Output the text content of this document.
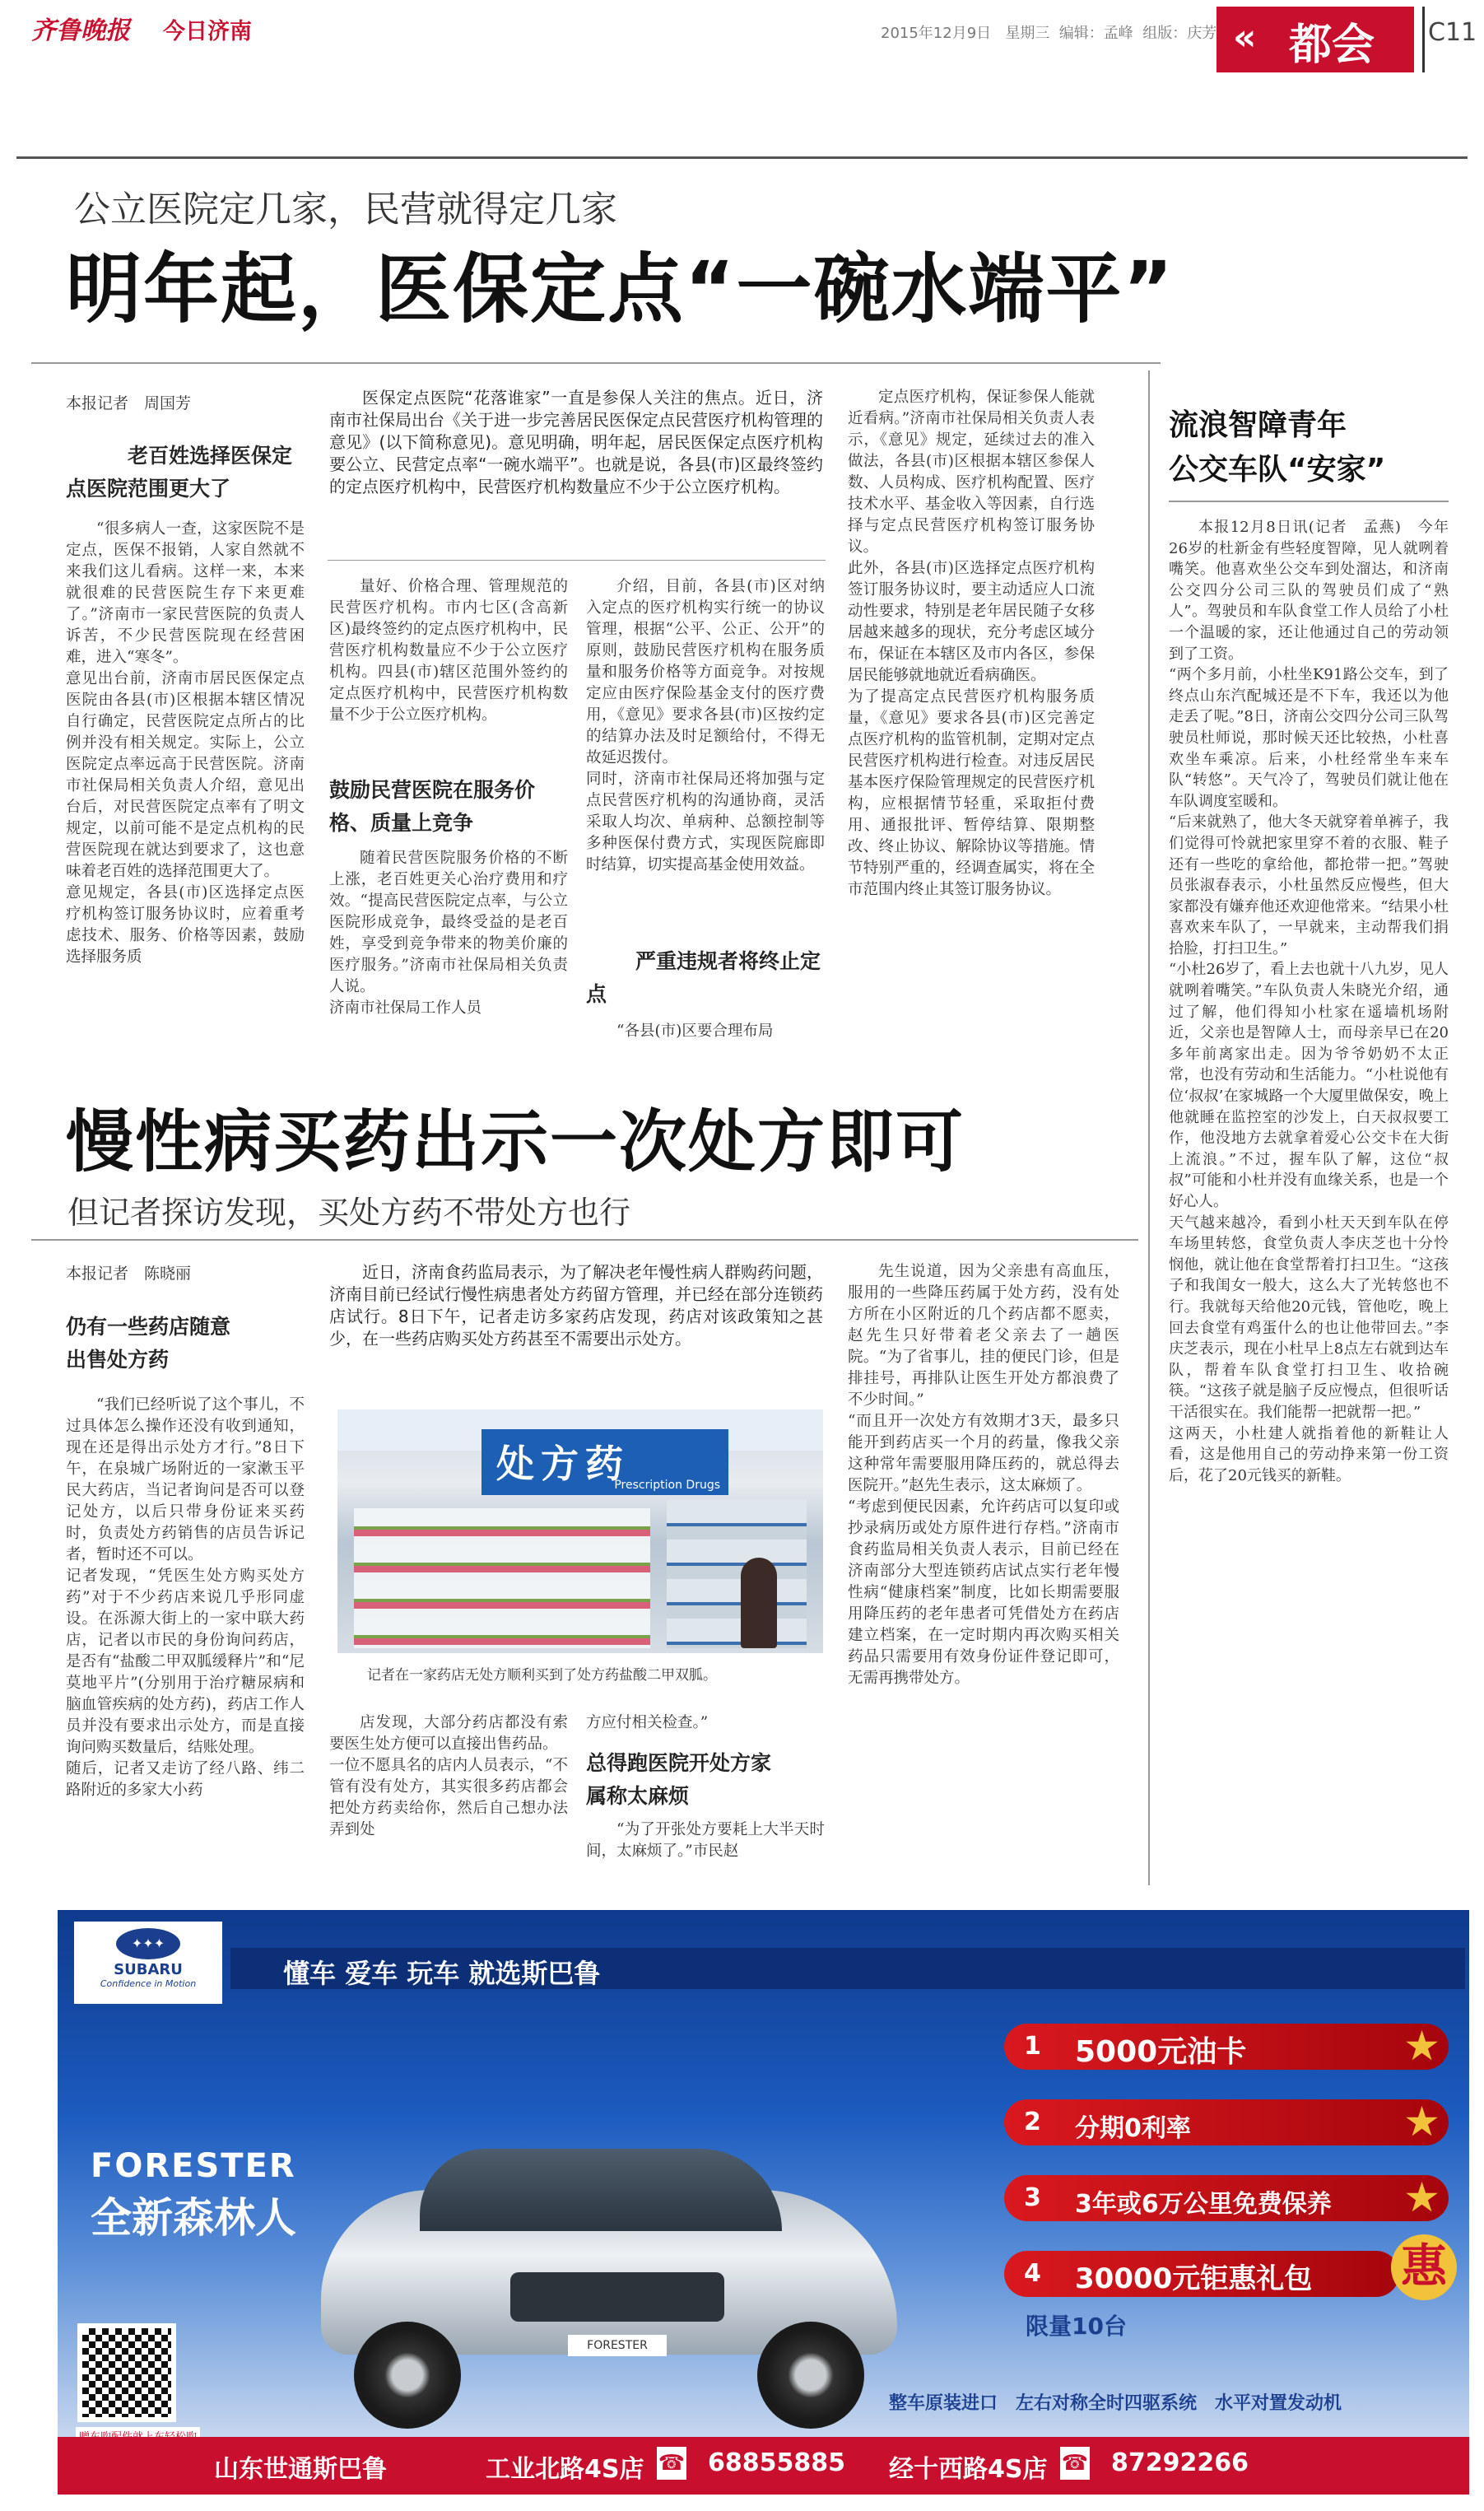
齐鲁晚报 今日济南	2015年12月9日 星期三 编辑：孟峰 组版：庆芳 « 都会 C11
公立医院定几家，民营就得定几家
明年起，医保定点“一碗水端平”
本报记者　周国芳
老百姓选择医保定点医院范围更大了
“很多病人一查，这家医院不是定点，医保不报销，人家自然就不来我们这儿看病。这样一来，本来就很难的民营医院生存下来更难了。”济南市一家民营医院的负责人诉苦，不少民营医院现在经营困难，进入“寒冬”。
意见出台前，济南市居民医保定点医院由各县(市)区根据本辖区情况自行确定，民营医院定点所占的比例并没有相关规定。实际上，公立医院定点率远高于民营医院。济南市社保局相关负责人介绍，意见出台后，对民营医院定点率有了明文规定，以前可能不是定点机构的民营医院现在就达到要求了，这也意味着老百姓的选择范围更大了。
意见规定，各县(市)区选择定点医疗机构签订服务协议时，应着重考虑技术、服务、价格等因素，鼓励选择服务质
医保定点医院“花落谁家”一直是参保人关注的焦点。近日，济南市社保局出台《关于进一步完善居民医保定点民营医疗机构管理的意见》(以下简称意见)。意见明确，明年起，居民医保定点医疗机构要公立、民营定点率“一碗水端平”。也就是说，各县(市)区最终签约的定点医疗机构中，民营医疗机构数量应不少于公立医疗机构。
量好、价格合理、管理规范的民营医疗机构。市内七区(含高新区)最终签约的定点医疗机构中，民营医疗机构数量应不少于公立医疗机构。四县(市)辖区范围外签约的定点医疗机构中，民营医疗机构数量不少于公立医疗机构。
鼓励民营医院在服务价格、质量上竞争
随着民营医院服务价格的不断上涨，老百姓更关心治疗费用和疗效。“提高民营医院定点率，与公立医院形成竞争，最终受益的是老百姓，享受到竞争带来的物美价廉的医疗服务。”济南市社保局相关负责人说。
济南市社保局工作人员
介绍，目前，各县(市)区对纳入定点的医疗机构实行统一的协议管理，根据“公平、公正、公开”的原则，鼓励民营医疗机构在服务质量和服务价格等方面竞争。对按规定应由医疗保险基金支付的医疗费用，《意见》要求各县(市)区按约定的结算办法及时足额给付，不得无故延迟拨付。
同时，济南市社保局还将加强与定点民营医疗机构的沟通协商，灵活采取人均次、单病种、总额控制等多种医保付费方式，实现医院廊即时结算，切实提高基金使用效益。
严重违规者将终止定点
“各县(市)区要合理布局
定点医疗机构，保证参保人能就近看病。”济南市社保局相关负责人表示，《意见》规定，延续过去的准入做法，各县(市)区根据本辖区参保人数、人员构成、医疗机构配置、医疗技术水平、基金收入等因素，自行选择与定点民营医疗机构签订服务协议。
此外，各县(市)区选择定点医疗机构签订服务协议时，要主动适应人口流动性要求，特别是老年居民随子女移居越来越多的现状，充分考虑区域分布，保证在本辖区及市内各区，参保居民能够就地就近看病确医。
为了提高定点民营医疗机构服务质量，《意见》要求各县(市)区完善定点医疗机构的监管机制，定期对定点民营医疗机构进行检查。对违反居民基本医疗保险管理规定的民营医疗机构，应根据情节轻重，采取拒付费用、通报批评、暂停结算、限期整改、终止协议、解除协议等措施。情节特别严重的，经调查属实，将在全市范围内终止其签订服务协议。
流浪智障青年
公交车队“安家”
本报12月8日讯(记者　孟燕)　今年26岁的杜新金有些轻度智障，见人就咧着嘴笑。他喜欢坐公交车到处溜达，和济南公交四分公司三队的驾驶员们成了“熟人”。驾驶员和车队食堂工作人员给了小杜一个温暖的家，还让他通过自己的劳动领到了工资。
“两个多月前，小杜坐K91路公交车，到了终点山东汽配城还是不下车，我还以为他走丢了呢。”8日，济南公交四分公司三队驾驶员杜师说，那时候天还比较热，小杜喜欢坐车乘凉。后来，小杜经常坐车来车队“转悠”。天气冷了，驾驶员们就让他在车队调度室暖和。
“后来就熟了，他大冬天就穿着单裤子，我们觉得可怜就把家里穿不着的衣服、鞋子还有一些吃的拿给他，都抢带一把。”驾驶员张淑春表示，小杜虽然反应慢些，但大家都没有嫌弃他还欢迎他常来。“结果小杜喜欢来车队了，一早就来，主动帮我们捐拾脸，打扫卫生。”
“小杜26岁了，看上去也就十八九岁，见人就咧着嘴笑。”车队负责人朱晓光介绍，通过了解，他们得知小杜家在遥墙机场附近，父亲也是智障人士，而母亲早已在20多年前离家出走。因为爷爷奶奶不太正常，也没有劳动和生活能力。“小杜说他有位‘叔叔’在家城路一个大厦里做保安，晚上他就睡在监控室的沙发上，白天叔叔要工作，他没地方去就拿着爱心公交卡在大街上流浪。”不过，握车队了解，这位“叔叔”可能和小杜并没有血缘关系，也是一个好心人。
天气越来越冷，看到小杜天天到车队在停车场里转悠，食堂负责人李庆芝也十分怜悯他，就让他在食堂帮着打扫卫生。“这孩子和我闺女一般大，这么大了光转悠也不行。我就每天给他20元钱，管他吃，晚上回去食堂有鸡蛋什么的也让他带回去。”李庆芝表示，现在小杜早上8点左右就到达车队，帮着车队食堂打扫卫生、收拾碗筷。“这孩子就是脑子反应慢点，但很听话干活很实在。我们能帮一把就帮一把。”
这两天，小杜建人就指着他的新鞋让人看，这是他用自己的劳动挣来第一份工资后，花了20元钱买的新鞋。
慢性病买药出示一次处方即可
但记者探访发现，买处方药不带处方也行
本报记者　陈晓丽
仍有一些药店随意出售处方药
“我们已经听说了这个事儿，不过具体怎么操作还没有收到通知，现在还是得出示处方才行。”8日下午，在泉城广场附近的一家漱玉平民大药店，当记者询问是否可以登记处方，以后只带身份证来买药时，负责处方药销售的店员告诉记者，暂时还不可以。
记者发现，“凭医生处方购买处方药”对于不少药店来说几乎形同虚设。在泺源大街上的一家中联大药店，记者以市民的身份询问药店，是否有“盐酸二甲双胍缓释片”和“尼莫地平片”(分别用于治疗糖尿病和脑血管疾病的处方药)，药店工作人员并没有要求出示处方，而是直接询问购买数量后，结账处理。
随后，记者又走访了经八路、纬二路附近的多家大小药
近日，济南食药监局表示，为了解决老年慢性病人群购药问题，济南目前已经试行慢性病患者处方药留方管理，并已经在部分连锁药店试行。8日下午，记者走访多家药店发现，药店对该政策知之甚少，在一些药店购买处方药甚至不需要出示处方。
处方药
Prescription Drugs
记者在一家药店无处方顺利买到了处方药盐酸二甲双胍。
店发现，大部分药店都没有索要医生处方便可以直接出售药品。
一位不愿具名的店内人员表示，“不管有没有处方，其实很多药店都会把处方药卖给你，然后自己想办法弄到处
方应付相关检查。”
总得跑医院开处方家属称太麻烦
“为了开张处方要耗上大半天时间，太麻烦了。”市民赵
先生说道，因为父亲患有高血压，服用的一些降压药属于处方药，没有处方所在小区附近的几个药店都不愿卖，赵先生只好带着老父亲去了一趟医院。“为了省事儿，挂的便民门诊，但是排挂号，再排队让医生开处方都浪费了不少时间。”
“而且开一次处方有效期才3天，最多只能开到药店买一个月的药量，像我父亲这种常年需要服用降压药的，就总得去医院开。”赵先生表示，这太麻烦了。
“考虑到便民因素，允许药店可以复印或抄录病历或处方原件进行存档。”济南市食药监局相关负责人表示，目前已经在济南部分大型连锁药店试点实行老年慢性病“健康档案”制度，比如长期需要服用降压药的老年患者可凭借处方在药店建立档案，在一定时期内再次购买相关药品只需要用有效身份证件登记即可，无需再携带处方。
✦✦✦
SUBARU
Confidence in Motion	懂车 爱车 玩车 就选斯巴鲁
FORESTER
全新森林人
FORESTER
1 5000元油卡	★
2 分期0利率	★
3 3年或6万公里免费保养 ★
4 30000元钜惠礼包 惠
限量10台
整车原装进口　左右对称全时四驱系统　水平对置发动机
山东世通斯巴鲁	工业北路4S店 ☎ 68855885 经十西路4S店 ☎ 87292266
